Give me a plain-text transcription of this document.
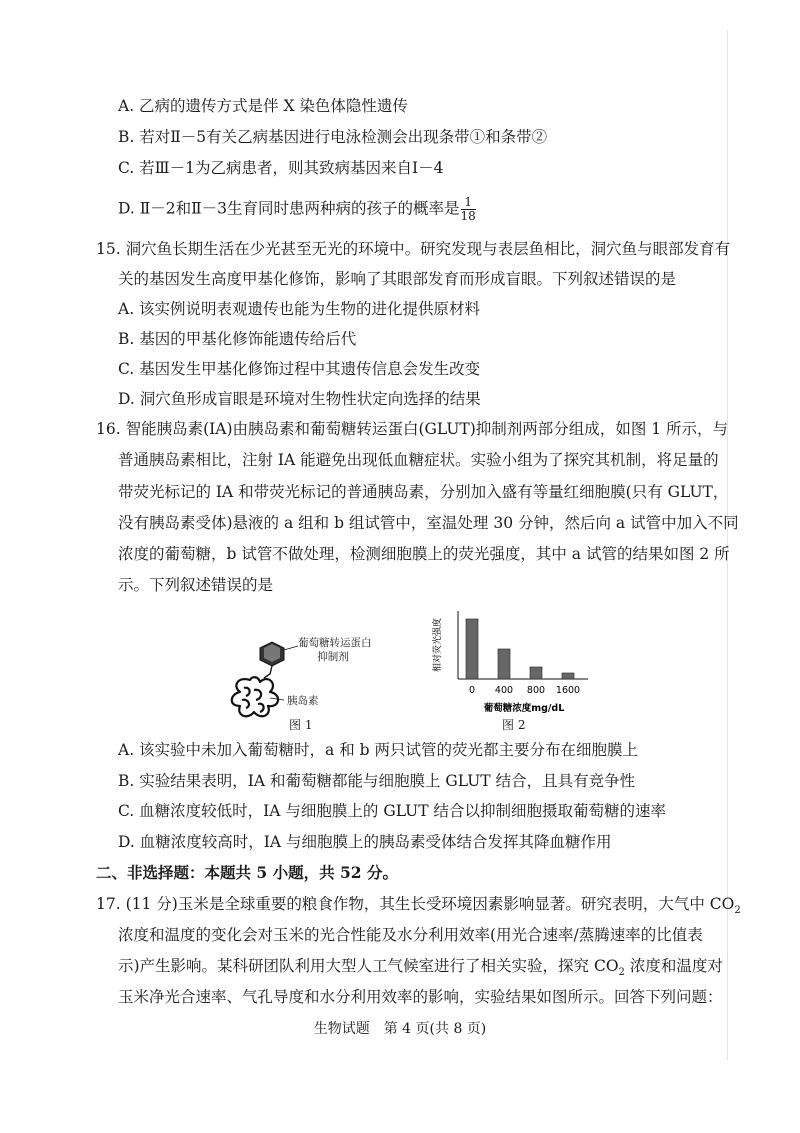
A. 乙病的遗传方式是伴 X 染色体隐性遗传
B. 若对Ⅱ－5有关乙病基因进行电泳检测会出现条带①和条带②
C. 若Ⅲ－1为乙病患者，则其致病基因来自Ⅰ－4
D. Ⅱ－2和Ⅱ－3生育同时患两种病的孩子的概率是 $\frac{1}{18}$
15. 洞穴鱼长期生活在少光甚至无光的环境中。研究发现与表层鱼相比，洞穴鱼与眼部发育有
关的基因发生高度甲基化修饰，影响了其眼部发育而形成盲眼。下列叙述错误的是
A. 该实例说明表观遗传也能为生物的进化提供原材料
B. 基因的甲基化修饰能遗传给后代
C. 基因发生甲基化修饰过程中其遗传信息会发生改变
D. 洞穴鱼形成盲眼是环境对生物性状定向选择的结果
16. 智能胰岛素(IA)由胰岛素和葡萄糖转运蛋白(GLUT)抑制剂两部分组成，如图 1 所示，与
普通胰岛素相比，注射 IA 能避免出现低血糖症状。实验小组为了探究其机制，将足量的
带荧光标记的 IA 和带荧光标记的普通胰岛素，分别加入盛有等量红细胞膜(只有 GLUT，
没有胰岛素受体)悬液的 a 组和 b 组试管中，室温处理 30 分钟，然后向 a 试管中加入不同
浓度的葡萄糖，b 试管不做处理，检测细胞膜上的荧光强度，其中 a 试管的结果如图 2 所
示。下列叙述错误的是
葡萄糖转运蛋白
抑制剂
胰岛素
图 1
相对荧光强度
0 400 800 1600
葡萄糖浓度mg/dL
图 2
A. 该实验中未加入葡萄糖时，a 和 b 两只试管的荧光都主要分布在细胞膜上
B. 实验结果表明，IA 和葡萄糖都能与细胞膜上 GLUT 结合，且具有竞争性
C. 血糖浓度较低时，IA 与细胞膜上的 GLUT 结合以抑制细胞摄取葡萄糖的速率
D. 血糖浓度较高时，IA 与细胞膜上的胰岛素受体结合发挥其降血糖作用
二、非选择题：本题共 5 小题，共 52 分。
17. (11 分)玉米是全球重要的粮食作物，其生长受环境因素影响显著。研究表明，大气中 $CO_2$
浓度和温度的变化会对玉米的光合性能及水分利用效率(用光合速率/蒸腾速率的比值表
示)产生影响。某科研团队利用大型人工气候室进行了相关实验，探究 $CO_2$ 浓度和温度对
玉米净光合速率、气孔导度和水分利用效率的影响，实验结果如图所示。回答下列问题：
生物试题　第 4 页(共 8 页)
